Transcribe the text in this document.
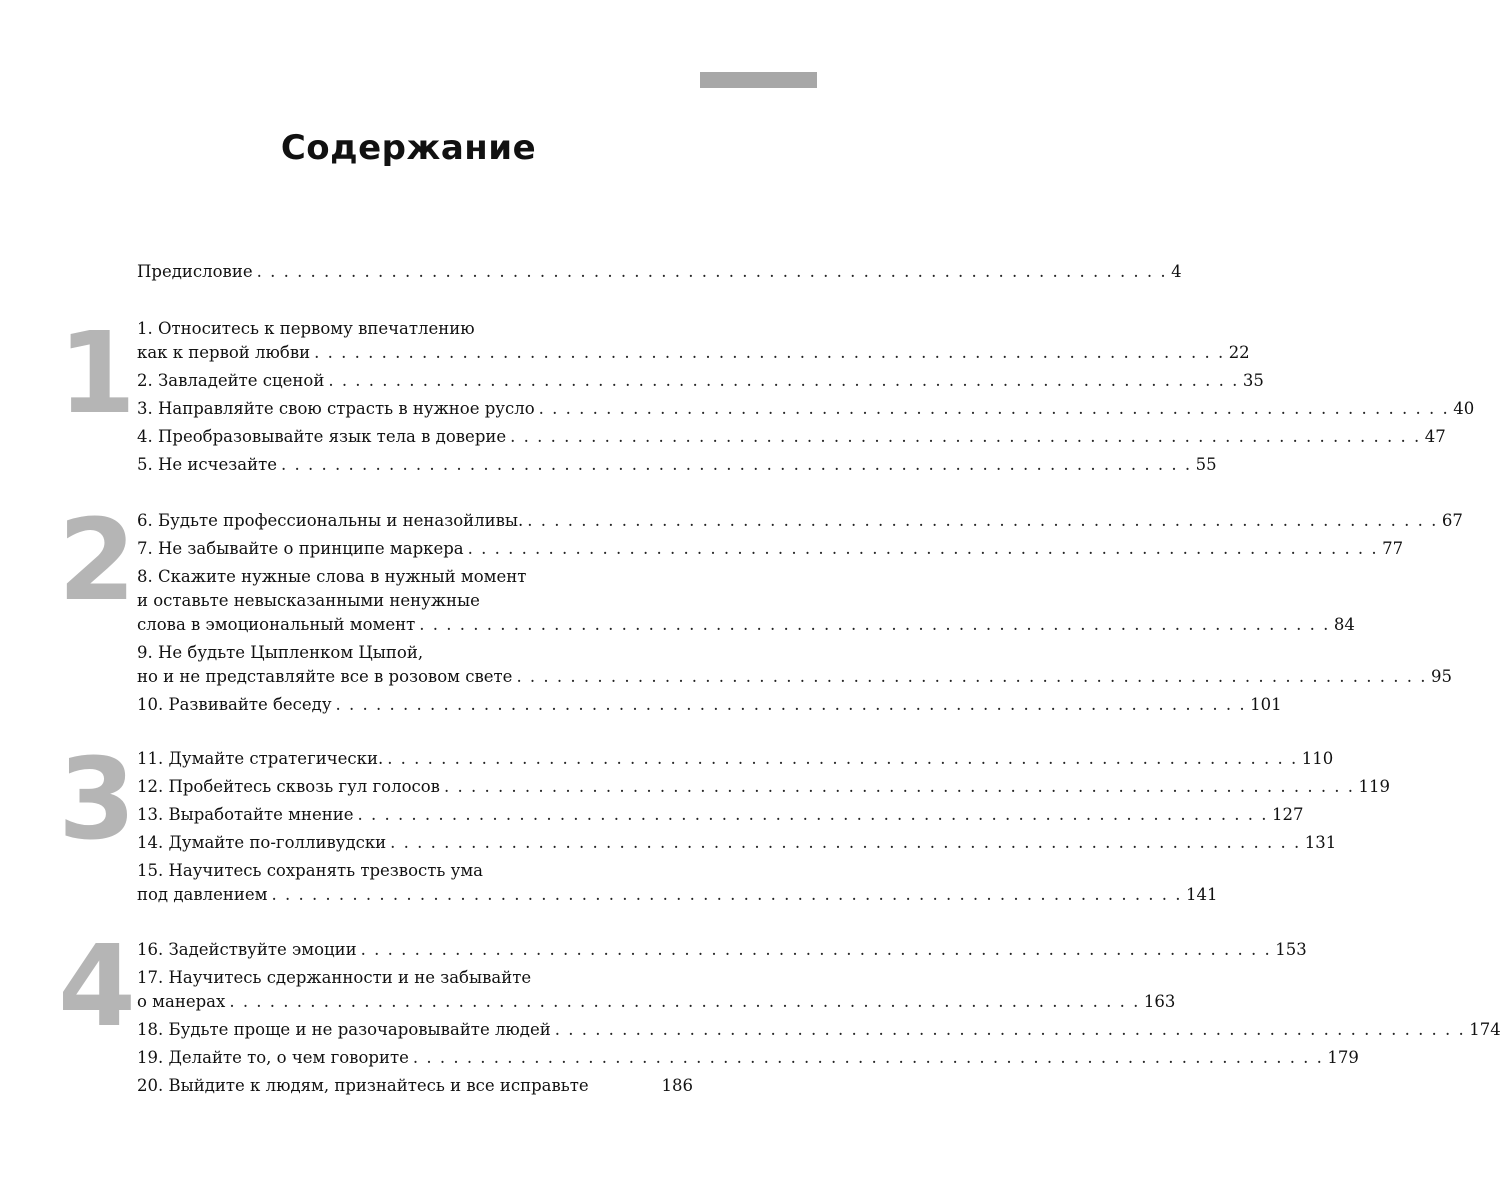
Содержание
1
2
3
4
Предисловие . . . . . . . . . . . . . . . . . . . . . . . . . . . . . . . . . . . . . . . . . . . . . . . . . . . . . . . . . . . . . . . . . . . . 4
1. Относитесь к первому впечатлению
как к первой любви . . . . . . . . . . . . . . . . . . . . . . . . . . . . . . . . . . . . . . . . . . . . . . . . . . . . . . . . . . . . . . . . . . . . 22
2. Завладейте сценой . . . . . . . . . . . . . . . . . . . . . . . . . . . . . . . . . . . . . . . . . . . . . . . . . . . . . . . . . . . . . . . . . . . . 35
3. Направляйте свою страсть в нужное русло . . . . . . . . . . . . . . . . . . . . . . . . . . . . . . . . . . . . . . . . . . . . . . . . . . . . . . . . . . . . . . . . . . . . 40
4. Преобразовывайте язык тела в доверие . . . . . . . . . . . . . . . . . . . . . . . . . . . . . . . . . . . . . . . . . . . . . . . . . . . . . . . . . . . . . . . . . . . . 47
5. Не исчезайте . . . . . . . . . . . . . . . . . . . . . . . . . . . . . . . . . . . . . . . . . . . . . . . . . . . . . . . . . . . . . . . . . . . . 55
6. Будьте профессиональны и неназойливы. . . . . . . . . . . . . . . . . . . . . . . . . . . . . . . . . . . . . . . . . . . . . . . . . . . . . . . . . . . . . . . . . . . . . 67
7. Не забывайте о принципе маркера . . . . . . . . . . . . . . . . . . . . . . . . . . . . . . . . . . . . . . . . . . . . . . . . . . . . . . . . . . . . . . . . . . . . 77
8. Скажите нужные слова в нужный момент
и оставьте невысказанными ненужные
слова в эмоциональный момент . . . . . . . . . . . . . . . . . . . . . . . . . . . . . . . . . . . . . . . . . . . . . . . . . . . . . . . . . . . . . . . . . . . . 84
9. Не будьте Цыпленком Цыпой,
но и не представляйте все в розовом свете . . . . . . . . . . . . . . . . . . . . . . . . . . . . . . . . . . . . . . . . . . . . . . . . . . . . . . . . . . . . . . . . . . . . 95
10. Развивайте беседу . . . . . . . . . . . . . . . . . . . . . . . . . . . . . . . . . . . . . . . . . . . . . . . . . . . . . . . . . . . . . . . . . . . . 101
11. Думайте стратегически. . . . . . . . . . . . . . . . . . . . . . . . . . . . . . . . . . . . . . . . . . . . . . . . . . . . . . . . . . . . . . . . . . . . . 110
12. Пробейтесь сквозь гул голосов . . . . . . . . . . . . . . . . . . . . . . . . . . . . . . . . . . . . . . . . . . . . . . . . . . . . . . . . . . . . . . . . . . . . 119
13. Выработайте мнение . . . . . . . . . . . . . . . . . . . . . . . . . . . . . . . . . . . . . . . . . . . . . . . . . . . . . . . . . . . . . . . . . . . . 127
14. Думайте по-голливудски . . . . . . . . . . . . . . . . . . . . . . . . . . . . . . . . . . . . . . . . . . . . . . . . . . . . . . . . . . . . . . . . . . . . 131
15. Научитесь сохранять трезвость ума
под давлением . . . . . . . . . . . . . . . . . . . . . . . . . . . . . . . . . . . . . . . . . . . . . . . . . . . . . . . . . . . . . . . . . . . . 141
16. Задействуйте эмоции . . . . . . . . . . . . . . . . . . . . . . . . . . . . . . . . . . . . . . . . . . . . . . . . . . . . . . . . . . . . . . . . . . . . 153
17. Научитесь сдержанности и не забывайте
о манерах . . . . . . . . . . . . . . . . . . . . . . . . . . . . . . . . . . . . . . . . . . . . . . . . . . . . . . . . . . . . . . . . . . . . 163
18. Будьте проще и не разочаровывайте людей . . . . . . . . . . . . . . . . . . . . . . . . . . . . . . . . . . . . . . . . . . . . . . . . . . . . . . . . . . . . . . . . . . . . 174
19. Делайте то, о чем говорите . . . . . . . . . . . . . . . . . . . . . . . . . . . . . . . . . . . . . . . . . . . . . . . . . . . . . . . . . . . . . . . . . . . . 179
20. Выйдите к людям, признайтесь и все исправьте	186
